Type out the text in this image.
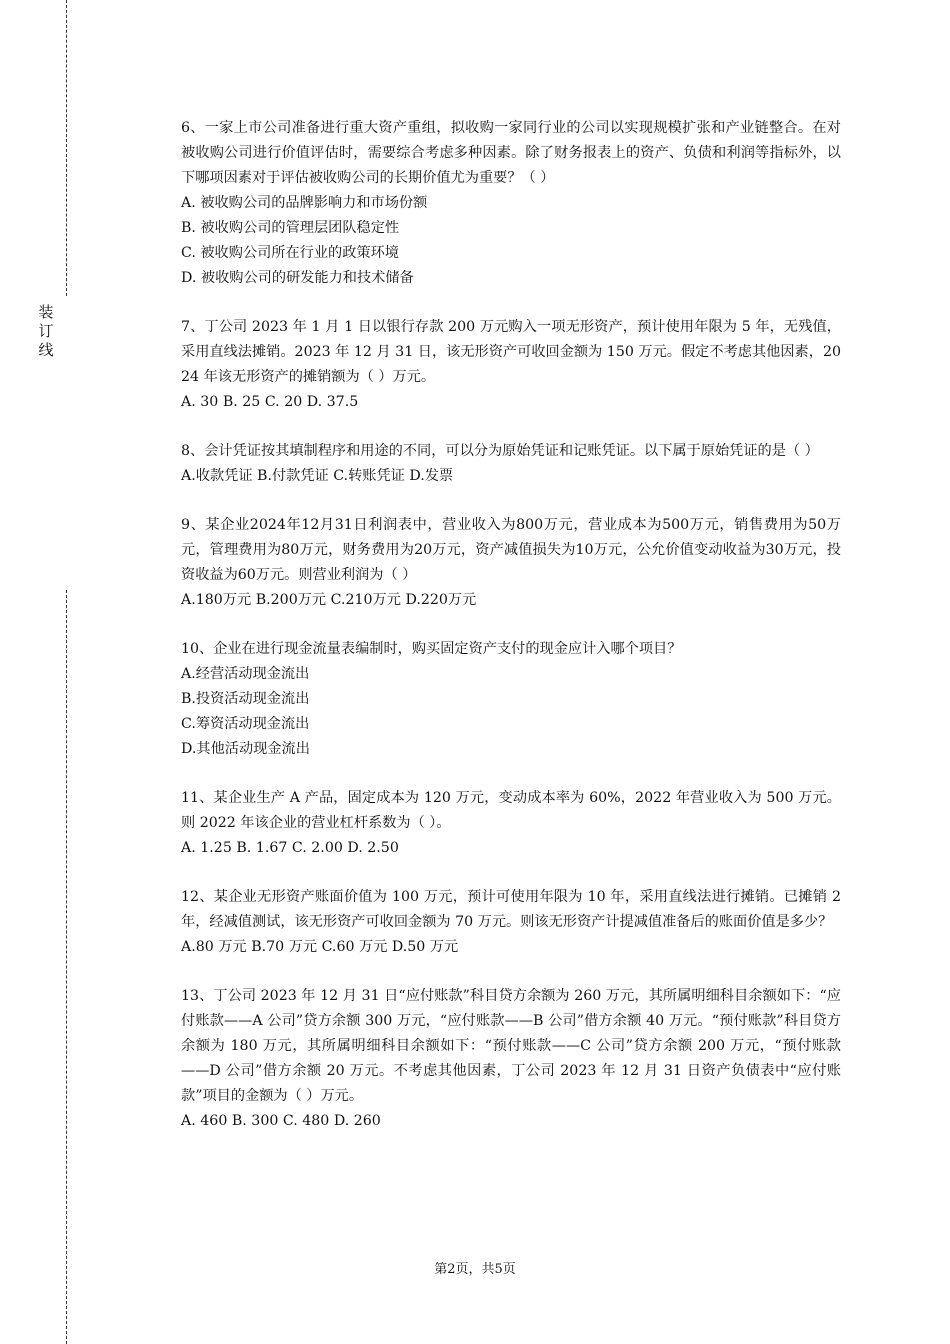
装订线
6、一家上市公司准备进行重大资产重组，拟收购一家同行业的公司以实现规模扩张和产业链整合。在对被收购公司进行价值评估时，需要综合考虑多种因素。除了财务报表上的资产、负债和利润等指标外，以下哪项因素对于评估被收购公司的长期价值尤为重要？（ ）
A. 被收购公司的品牌影响力和市场份额
B. 被收购公司的管理层团队稳定性
C. 被收购公司所在行业的政策环境
D. 被收购公司的研发能力和技术储备
7、丁公司 2023 年 1 月 1 日以银行存款 200 万元购入一项无形资产，预计使用年限为 5 年，无残值，采用直线法摊销。2023 年 12 月 31 日，该无形资产可收回金额为 150 万元。假定不考虑其他因素，2024 年该无形资产的摊销额为（ ）万元。
A. 30 B. 25 C. 20 D. 37.5
8、会计凭证按其填制程序和用途的不同，可以分为原始凭证和记账凭证。以下属于原始凭证的是（ ）
A.收款凭证 B.付款凭证 C.转账凭证 D.发票
9、某企业2024年12月31日利润表中，营业收入为800万元，营业成本为500万元，销售费用为50万元，管理费用为80万元，财务费用为20万元，资产减值损失为10万元，公允价值变动收益为30万元，投资收益为60万元。则营业利润为（ ）
A.180万元 B.200万元 C.210万元 D.220万元
10、企业在进行现金流量表编制时，购买固定资产支付的现金应计入哪个项目？
A.经营活动现金流出
B.投资活动现金流出
C.筹资活动现金流出
D.其他活动现金流出
11、某企业生产 A 产品，固定成本为 120 万元，变动成本率为 60%，2022 年营业收入为 500 万元。则 2022 年该企业的营业杠杆系数为（ ）。
A. 1.25 B. 1.67 C. 2.00 D. 2.50
12、某企业无形资产账面价值为 100 万元，预计可使用年限为 10 年，采用直线法进行摊销。已摊销 2 年，经减值测试，该无形资产可收回金额为 70 万元。则该无形资产计提减值准备后的账面价值是多少？
A.80 万元 B.70 万元 C.60 万元 D.50 万元
13、丁公司 2023 年 12 月 31 日“应付账款”科目贷方余额为 260 万元，其所属明细科目余额如下：“应付账款——A 公司”贷方余额 300 万元，“应付账款——B 公司”借方余额 40 万元。“预付账款”科目贷方余额为 180 万元，其所属明细科目余额如下：“预付账款——C 公司”贷方余额 200 万元，“预付账款——D 公司”借方余额 20 万元。不考虑其他因素，丁公司 2023 年 12 月 31 日资产负债表中“应付账款”项目的金额为（ ）万元。
A. 460 B. 300 C. 480 D. 260
第2页，共5页
